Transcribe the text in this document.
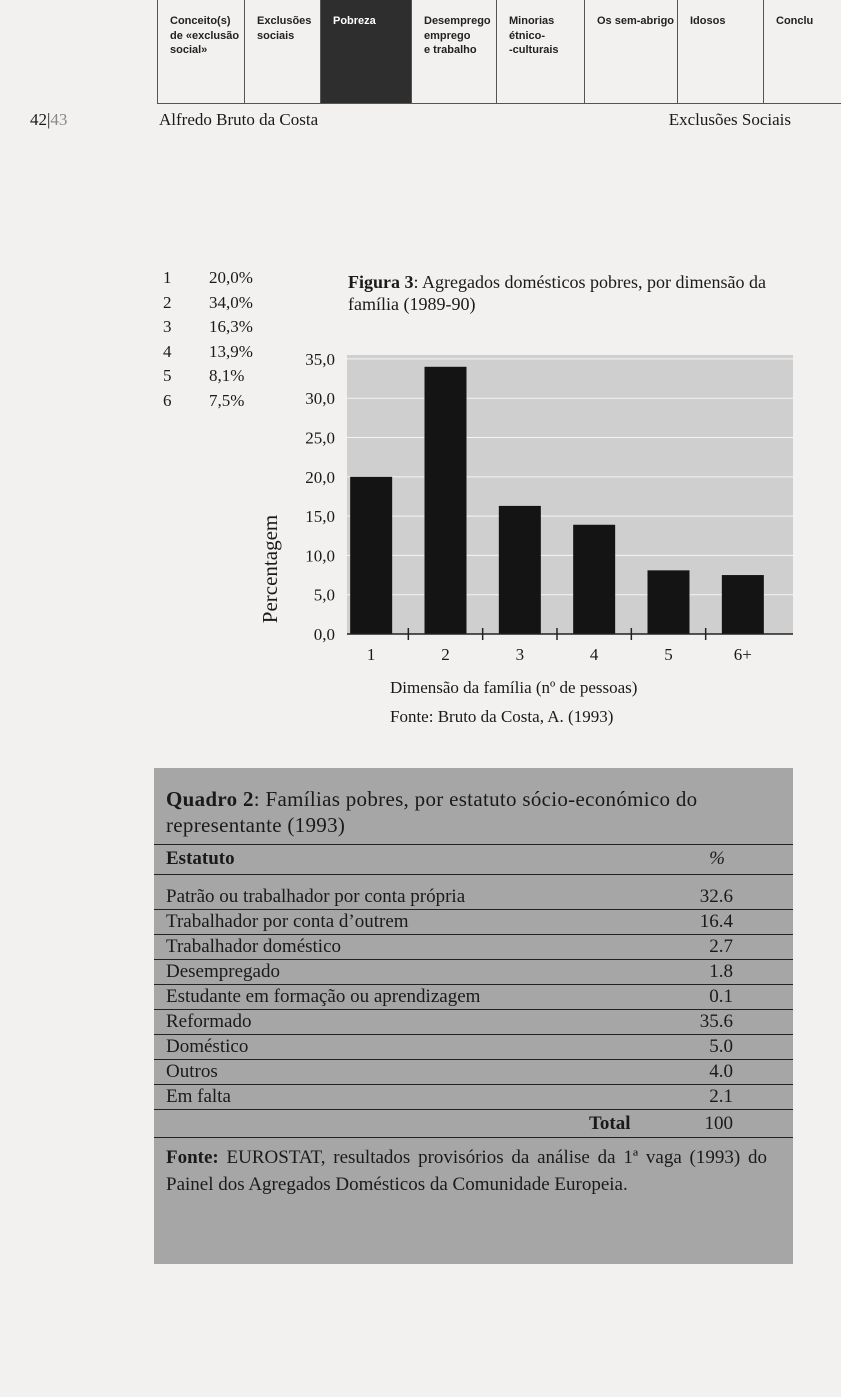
Conceito(s)
de «exclusão
social»
Exclusões
sociais
Pobreza	Desemprego
emprego
e trabalho
Minorias
étnico-
-culturais
Os sem-abrigo	Idosos	Conclu
42|43	Alfredo Bruto da Costa	Exclusões Sociais
1	20,0%
2	34,0%
3	16,3%
4	13,9%
5	8,1%
6	7,5%
Figura 3: Agregados domésticos pobres, por dimensão da família (1989-90)
0,0
5,0
10,0
15,0
20,0
25,0
30,0
35,0
1	2	3	4	5	6+
Percentagem
Dimensão da família (nº de pessoas)
Fonte: Bruto da Costa, A. (1993)
Quadro 2: Famílias pobres, por estatuto sócio-económico do representante (1993)
Estatuto	%
Patrão ou trabalhador por conta própria	32.6
Trabalhador por conta d’outrem	16.4
Trabalhador doméstico	2.7
Desempregado	1.8
Estudante em formação ou aprendizagem	0.1
Reformado	35.6
Doméstico	5.0
Outros	4.0
Em falta	2.1
Total	100
Fonte: EUROSTAT, resultados provisórios da análise da 1ª vaga (1993) do Painel dos Agregados Domésticos da Comunidade Europeia.
